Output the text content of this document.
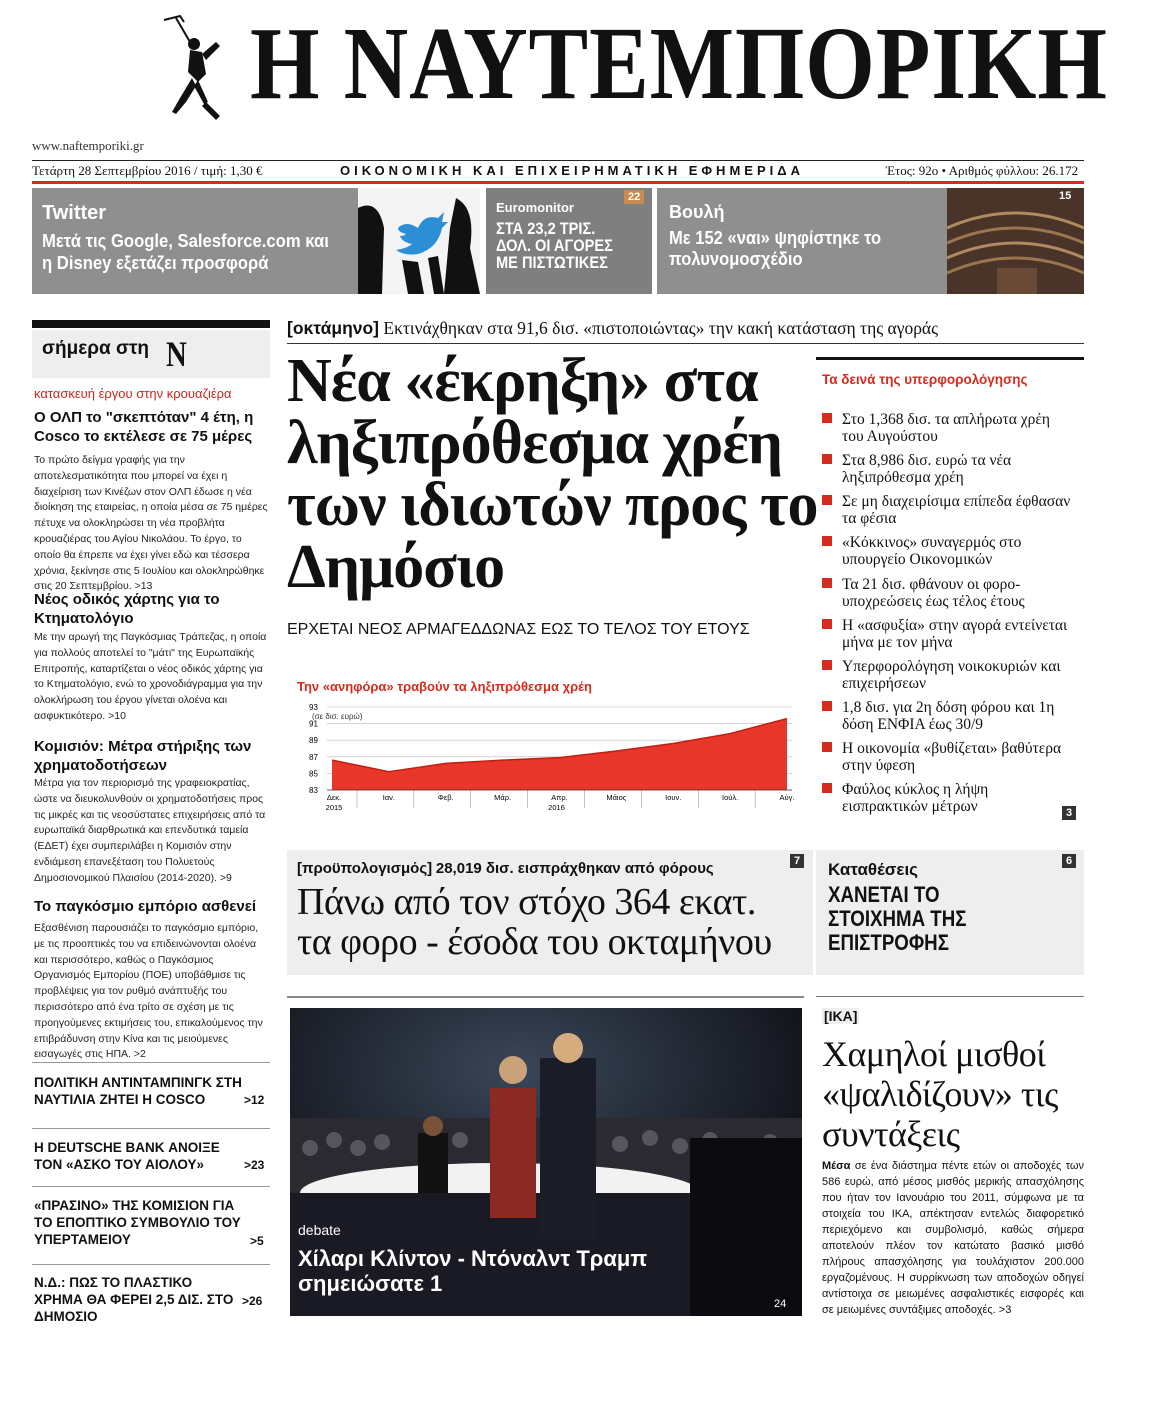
Η ΝΑΥΤΕΜΠΟΡΙΚΗ
www.naftemporiki.gr
Τετάρτη 28 Σεπτεμβρίου 2016 / τιμή: 1,30 €	ΟΙΚΟΝΟΜΙΚΗ ΚΑΙ ΕΠΙΧΕΙΡΗΜΑΤΙΚΗ ΕΦΗΜΕΡΙΔΑ	Έτος: 92ο • Αριθμός φύλλου: 26.172
Twitter
Μετά τις Google, Salesforce.com και η Disney εξετάζει προσφορά
Euromonitor
22
ΣΤΑ 23,2 ΤΡΙΣ. ΔΟΛ. ΟΙ ΑΓΟΡΕΣ ΜΕ ΠΙΣΤΩΤΙΚΕΣ
Βουλή
Με 152 «ναι» ψηφίστηκε το πολυνομοσχέδιο
15
σήμερα στη Ν
κατασκευή έργου στην κρουαζιέρα
Ο ΟΛΠ το "σκεπτόταν" 4 έτη, η Cosco το εκτέλεσε σε 75 μέρες
Το πρώτο δείγμα γραφής για την αποτελεσματικότητα που μπορεί να έχει η διαχείριση των Κινέζων στον ΟΛΠ έδωσε η νέα διοίκηση της εταιρείας, η οποία μέσα σε 75 ημέρες πέτυχε να ολοκληρώσει τη νέα προβλήτα κρουαζιέρας του Αγίου Νικολάου. Το έργο, το οποίο θα έπρεπε να έχει γίνει εδώ και τέσσερα χρόνια, ξεκίνησε στις 5 Ιουλίου και ολοκληρώθηκε στις 20 Σεπτεμβρίου. >13
Νέος οδικός χάρτης για το Κτηματολόγιο
Με την αρωγή της Παγκόσμιας Τράπεζας, η οποία για πολλούς αποτελεί το "μάτι" της Ευρωπαϊκής Επιτροπής, καταρτίζεται ο νέος οδικός χάρτης για το Κτηματολόγιο, ενώ το χρονοδιάγραμμα για την ολοκλήρωση του έργου γίνεται ολοένα και ασφυκτικότερο. >10
Κομισιόν: Μέτρα στήριξης των χρηματοδοτήσεων
Μέτρα για τον περιορισμό της γραφειοκρατίας, ώστε να διευκολυνθούν οι χρηματοδοτήσεις προς τις μικρές και τις νεοσύστατες επιχειρήσεις από τα ευρωπαϊκά διαρθρωτικά και επενδυτικά ταμεία (ΕΔΕΤ) έχει συμπεριλάβει η Κομισιόν στην ενδιάμεση επανεξέταση του Πολυετούς Δημοσιονομικού Πλαισίου (2014-2020). >9
Το παγκόσμιο εμπόριο ασθενεί
Εξασθένιση παρουσιάζει το παγκόσμιο εμπόριο, με τις προοπτικές του να επιδεινώνονται ολοένα και περισσότερο, καθώς ο Παγκόσμιος Οργανισμός Εμπορίου (ΠΟΕ) υποβάθμισε τις προβλέψεις για τον ρυθμό ανάπτυξής του περισσότερο από ένα τρίτο σε σχέση με τις προηγούμενες εκτιμήσεις του, επικαλούμενος την επιβράδυνση στην Κίνα και τις μειούμενες εισαγωγές στις ΗΠΑ. >2
ΠΟΛΙΤΙΚΗ ΑΝΤΙΝΤΑΜΠΙΝΓΚ ΣΤΗ ΝΑΥΤΙΛΙΑ ΖΗΤΕΙ Η COSCO	>12
Η DEUTSCHE BANK ΑΝΟΙΞΕ ΤΟΝ «ΑΣΚΟ ΤΟΥ ΑΙΟΛΟΥ»	>23
«ΠΡΑΣΙΝΟ» ΤΗΣ ΚΟΜΙΣΙΟΝ ΓΙΑ ΤΟ ΕΠΟΠΤΙΚΟ ΣΥΜΒΟΥΛΙΟ ΤΟΥ ΥΠΕΡΤΑΜΕΙΟΥ	>5
Ν.Δ.: ΠΩΣ ΤΟ ΠΛΑΣΤΙΚΟ ΧΡΗΜΑ ΘΑ ΦΕΡΕΙ 2,5 ΔΙΣ. ΣΤΟ ΔΗΜΟΣΙΟ
>26
[οκτάμηνο] Εκτινάχθηκαν στα 91,6 δισ. «πιστοποιώντας» την κακή κατάσταση της αγοράς
Νέα «έκρηξη» στα ληξιπρόθεσμα χρέη των ιδιωτών προς το Δημόσιο
ΕΡΧΕΤΑΙ ΝΕΟΣ ΑΡΜΑΓΕΔΔΩΝΑΣ ΕΩΣ ΤΟ ΤΕΛΟΣ ΤΟΥ ΕΤΟΥΣ
Την «ανηφόρα» τραβούν τα ληξιπρόθεσμα χρέη
(σε δισ. ευρώ)
93
91
89
87
85
83
Δεκ.	Ιαν.	Φεβ.	Μάρ.	Απρ.	Μάιος	Ιουν.	Ιούλ.	Αύγ.
2015	2016
Τα δεινά της υπερφορολόγησης
Στο 1,368 δισ. τα απλήρωτα χρέη του Αυγούστου
Στα 8,986 δισ. ευρώ τα νέα ληξιπρόθεσμα χρέη
Σε μη διαχειρίσιμα επίπεδα έφθασαν τα φέσια
«Κόκκινος» συναγερμός στο υπουργείο Οικονομικών
Τα 21 δισ. φθάνουν οι φορο-υποχρεώσεις έως τέλος έτους
Η «ασφυξία» στην αγορά εντείνεται μήνα με τον μήνα
Υπερφορολόγηση νοικοκυριών και επιχειρήσεων
1,8 δισ. για 2η δόση φόρου και 1η δόση ΕΝΦΙΑ έως 30/9
Η οικονομία «βυθίζεται» βαθύτερα στην ύφεση
Φαύλος κύκλος η λήψη εισπρακτικών μέτρων	3
[προϋπολογισμός] 28,019 δισ. εισπράχθηκαν από φόρους	7
Πάνω από τον στόχο 364 εκατ. τα φορο - έσοδα του οκταμήνου
Καταθέσεις	6
ΧΑΝΕΤΑΙ ΤΟ ΣΤΟΙΧΗΜΑ ΤΗΣ ΕΠΙΣΤΡΟΦΗΣ
debate
Χίλαρι Κλίντον - Ντόναλντ Τραμπ σημειώσατε 1
24
[ΙΚΑ]
Χαμηλοί μισθοί «ψαλιδίζουν» τις συντάξεις
Μέσα σε ένα διάστημα πέντε ετών οι αποδοχές των 586 ευρώ, από μέσος μισθός μερικής απασχόλησης που ήταν τον Ιανουάριο του 2011, σύμφωνα με τα στοιχεία του ΙΚΑ, απέκτησαν εντελώς διαφορετικό περιεχόμενο και συμβολισμό, καθώς σήμερα αποτελούν πλέον τον κατώτατο βασικό μισθό πλήρους απασχόλησης για τουλάχιστον 200.000 εργαζομένους. Η συρρίκνωση των αποδοχών οδηγεί αντίστοιχα σε μειωμένες ασφαλιστικές εισφορές και σε μειωμένες συντάξιμες αποδοχές. >3
